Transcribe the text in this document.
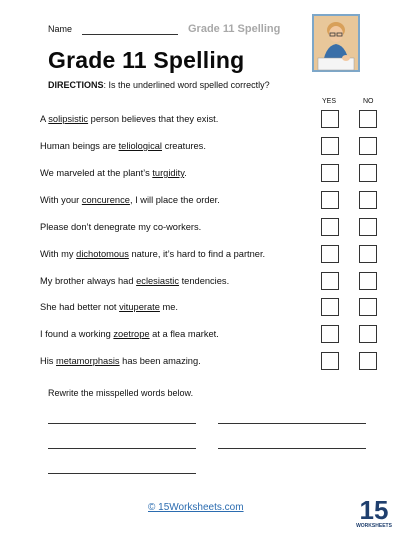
Name	Grade 11 Spelling
Grade 11 Spelling
DIRECTIONS: Is the underlined word spelled correctly?
YES	NO
A solipsistic person believes that they exist.
Human beings are teliological creatures.
We marveled at the plant’s turgidity.
With your concurence, I will place the order.
Please don’t denegrate my co-workers.
With my dichotomous nature, it’s hard to find a partner.
My brother always had eclesiastic tendencies.
She had better not vituperate me.
I found a working zoetrope at a flea market.
His metamorphasis has been amazing.
Rewrite the misspelled words below.
© 15Worksheets.com	15
WORKSHEETS
